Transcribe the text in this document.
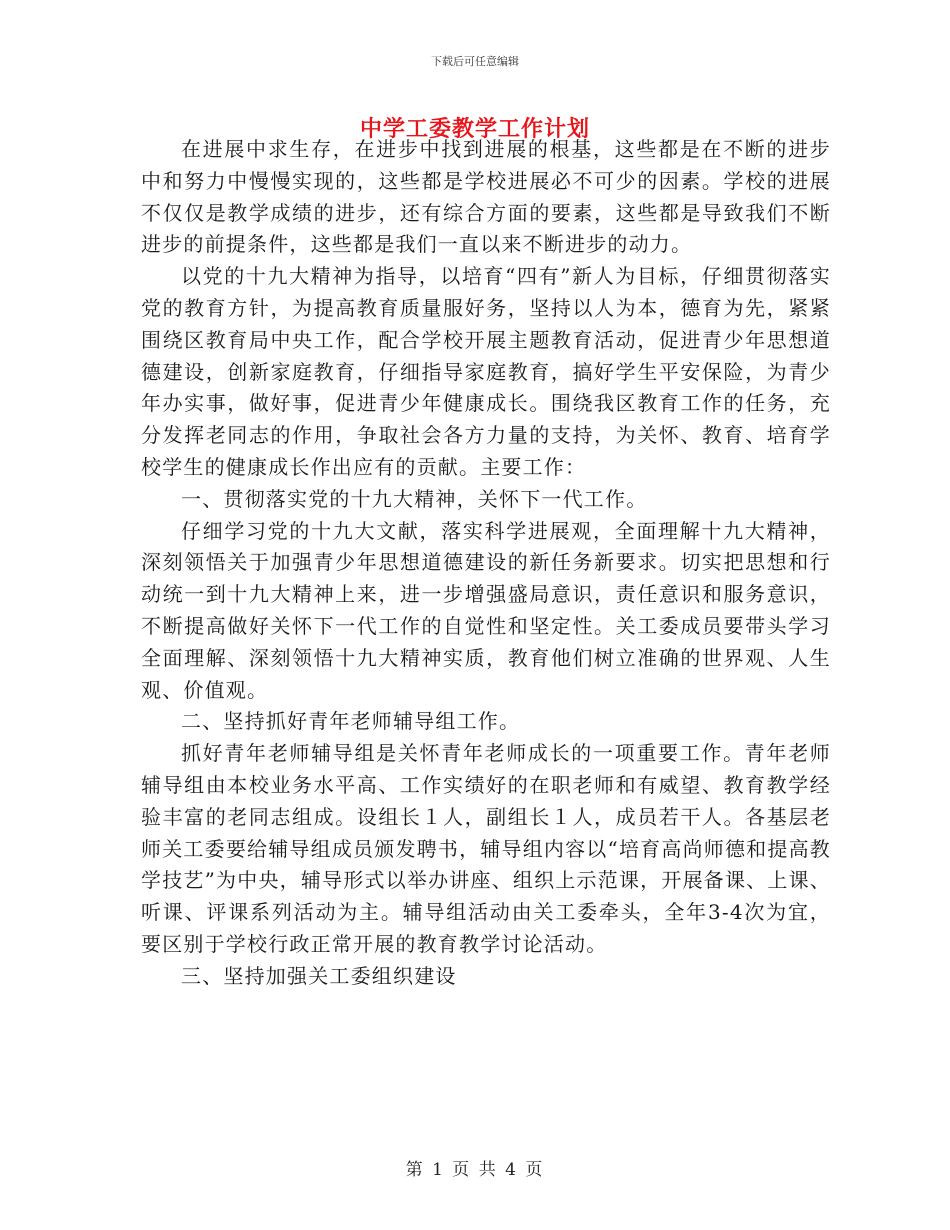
下载后可任意编辑
中学工委教学工作计划

在进展中求生存，在进步中找到进展的根基，这些都是在不断的进步中和努力中慢慢实现的，这些都是学校进展必不可少的因素。学校的进展不仅仅是教学成绩的进步，还有综合方面的要素，这些都是导致我们不断进步的前提条件，这些都是我们一直以来不断进步的动力。

以党的十九大精神为指导，以培育“四有”新人为目标，仔细贯彻落实党的教育方针，为提高教育质量服好务，坚持以人为本，德育为先，紧紧围绕区教育局中央工作，配合学校开展主题教育活动，促进青少年思想道德建设，创新家庭教育，仔细指导家庭教育，搞好学生平安保险，为青少年办实事，做好事，促进青少年健康成长。围绕我区教育工作的任务，充分发挥老同志的作用，争取社会各方力量的支持，为关怀、教育、培育学校学生的健康成长作出应有的贡献。主要工作：

一、贯彻落实党的十九大精神，关怀下一代工作。

仔细学习党的十九大文献，落实科学进展观，全面理解十九大精神，深刻领悟关于加强青少年思想道德建设的新任务新要求。切实把思想和行动统一到十九大精神上来，进一步增强盛局意识，责任意识和服务意识，不断提高做好关怀下一代工作的自觉性和坚定性。关工委成员要带头学习全面理解、深刻领悟十九大精神实质，教育他们树立准确的世界观、人生观、价值观。

二、坚持抓好青年老师辅导组工作。

抓好青年老师辅导组是关怀青年老师成长的一项重要工作。青年老师辅导组由本校业务水平高、工作实绩好的在职老师和有威望、教育教学经验丰富的老同志组成。设组长１人，副组长１人，成员若干人。各基层老师关工委要给辅导组成员颁发聘书，辅导组内容以“培育高尚师德和提高教学技艺”为中央，辅导形式以举办讲座、组织上示范课，开展备课、上课、听课、评课系列活动为主。辅导组活动由关工委牵头，全年3-4次为宜，要区别于学校行政正常开展的教育教学讨论活动。

三、坚持加强关工委组织建设

第 1 页 共 4 页
